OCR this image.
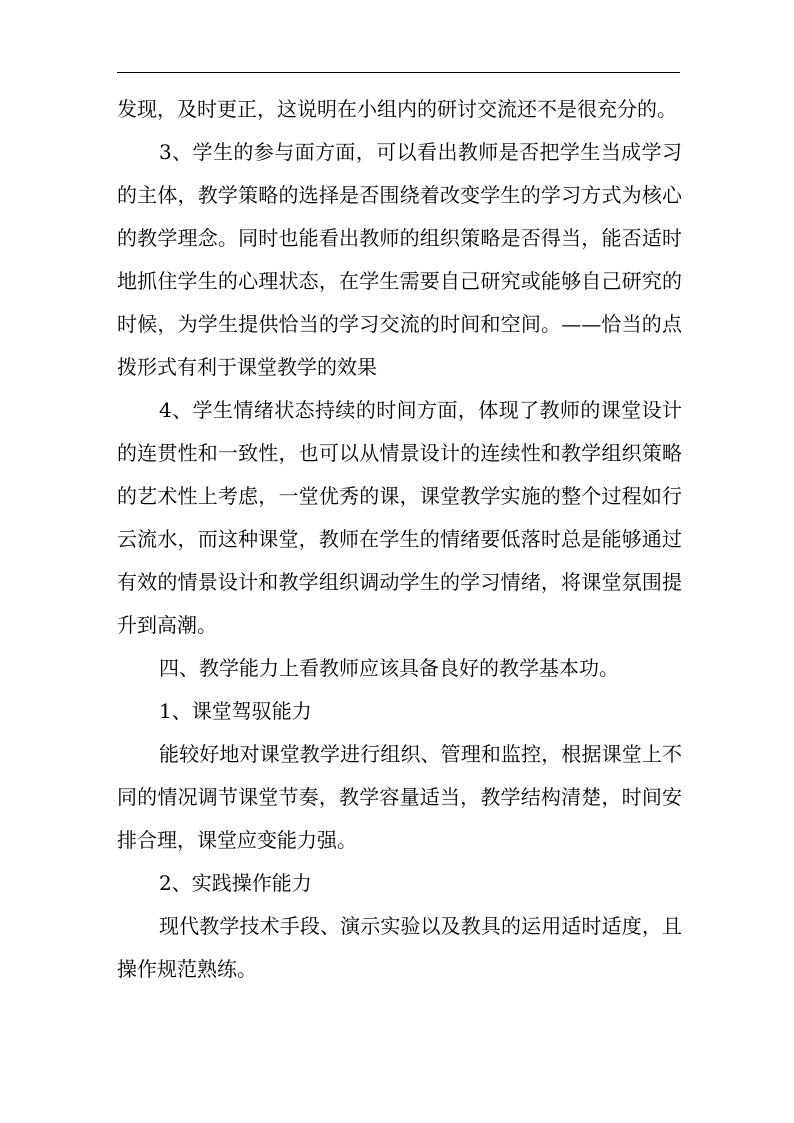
发现，及时更正，这说明在小组内的研讨交流还不是很充分的。

3、学生的参与面方面，可以看出教师是否把学生当成学习的主体，教学策略的选择是否围绕着改变学生的学习方式为核心的教学理念。同时也能看出教师的组织策略是否得当，能否适时地抓住学生的心理状态，在学生需要自己研究或能够自己研究的时候，为学生提供恰当的学习交流的时间和空间。——恰当的点拨形式有利于课堂教学的效果

4、学生情绪状态持续的时间方面，体现了教师的课堂设计的连贯性和一致性，也可以从情景设计的连续性和教学组织策略的艺术性上考虑，一堂优秀的课，课堂教学实施的整个过程如行云流水，而这种课堂，教师在学生的情绪要低落时总是能够通过有效的情景设计和教学组织调动学生的学习情绪，将课堂氛围提升到高潮。

四、教学能力上看教师应该具备良好的教学基本功。

1、课堂驾驭能力

能较好地对课堂教学进行组织、管理和监控，根据课堂上不同的情况调节课堂节奏，教学容量适当，教学结构清楚，时间安排合理，课堂应变能力强。

2、实践操作能力

现代教学技术手段、演示实验以及教具的运用适时适度，且操作规范熟练。
